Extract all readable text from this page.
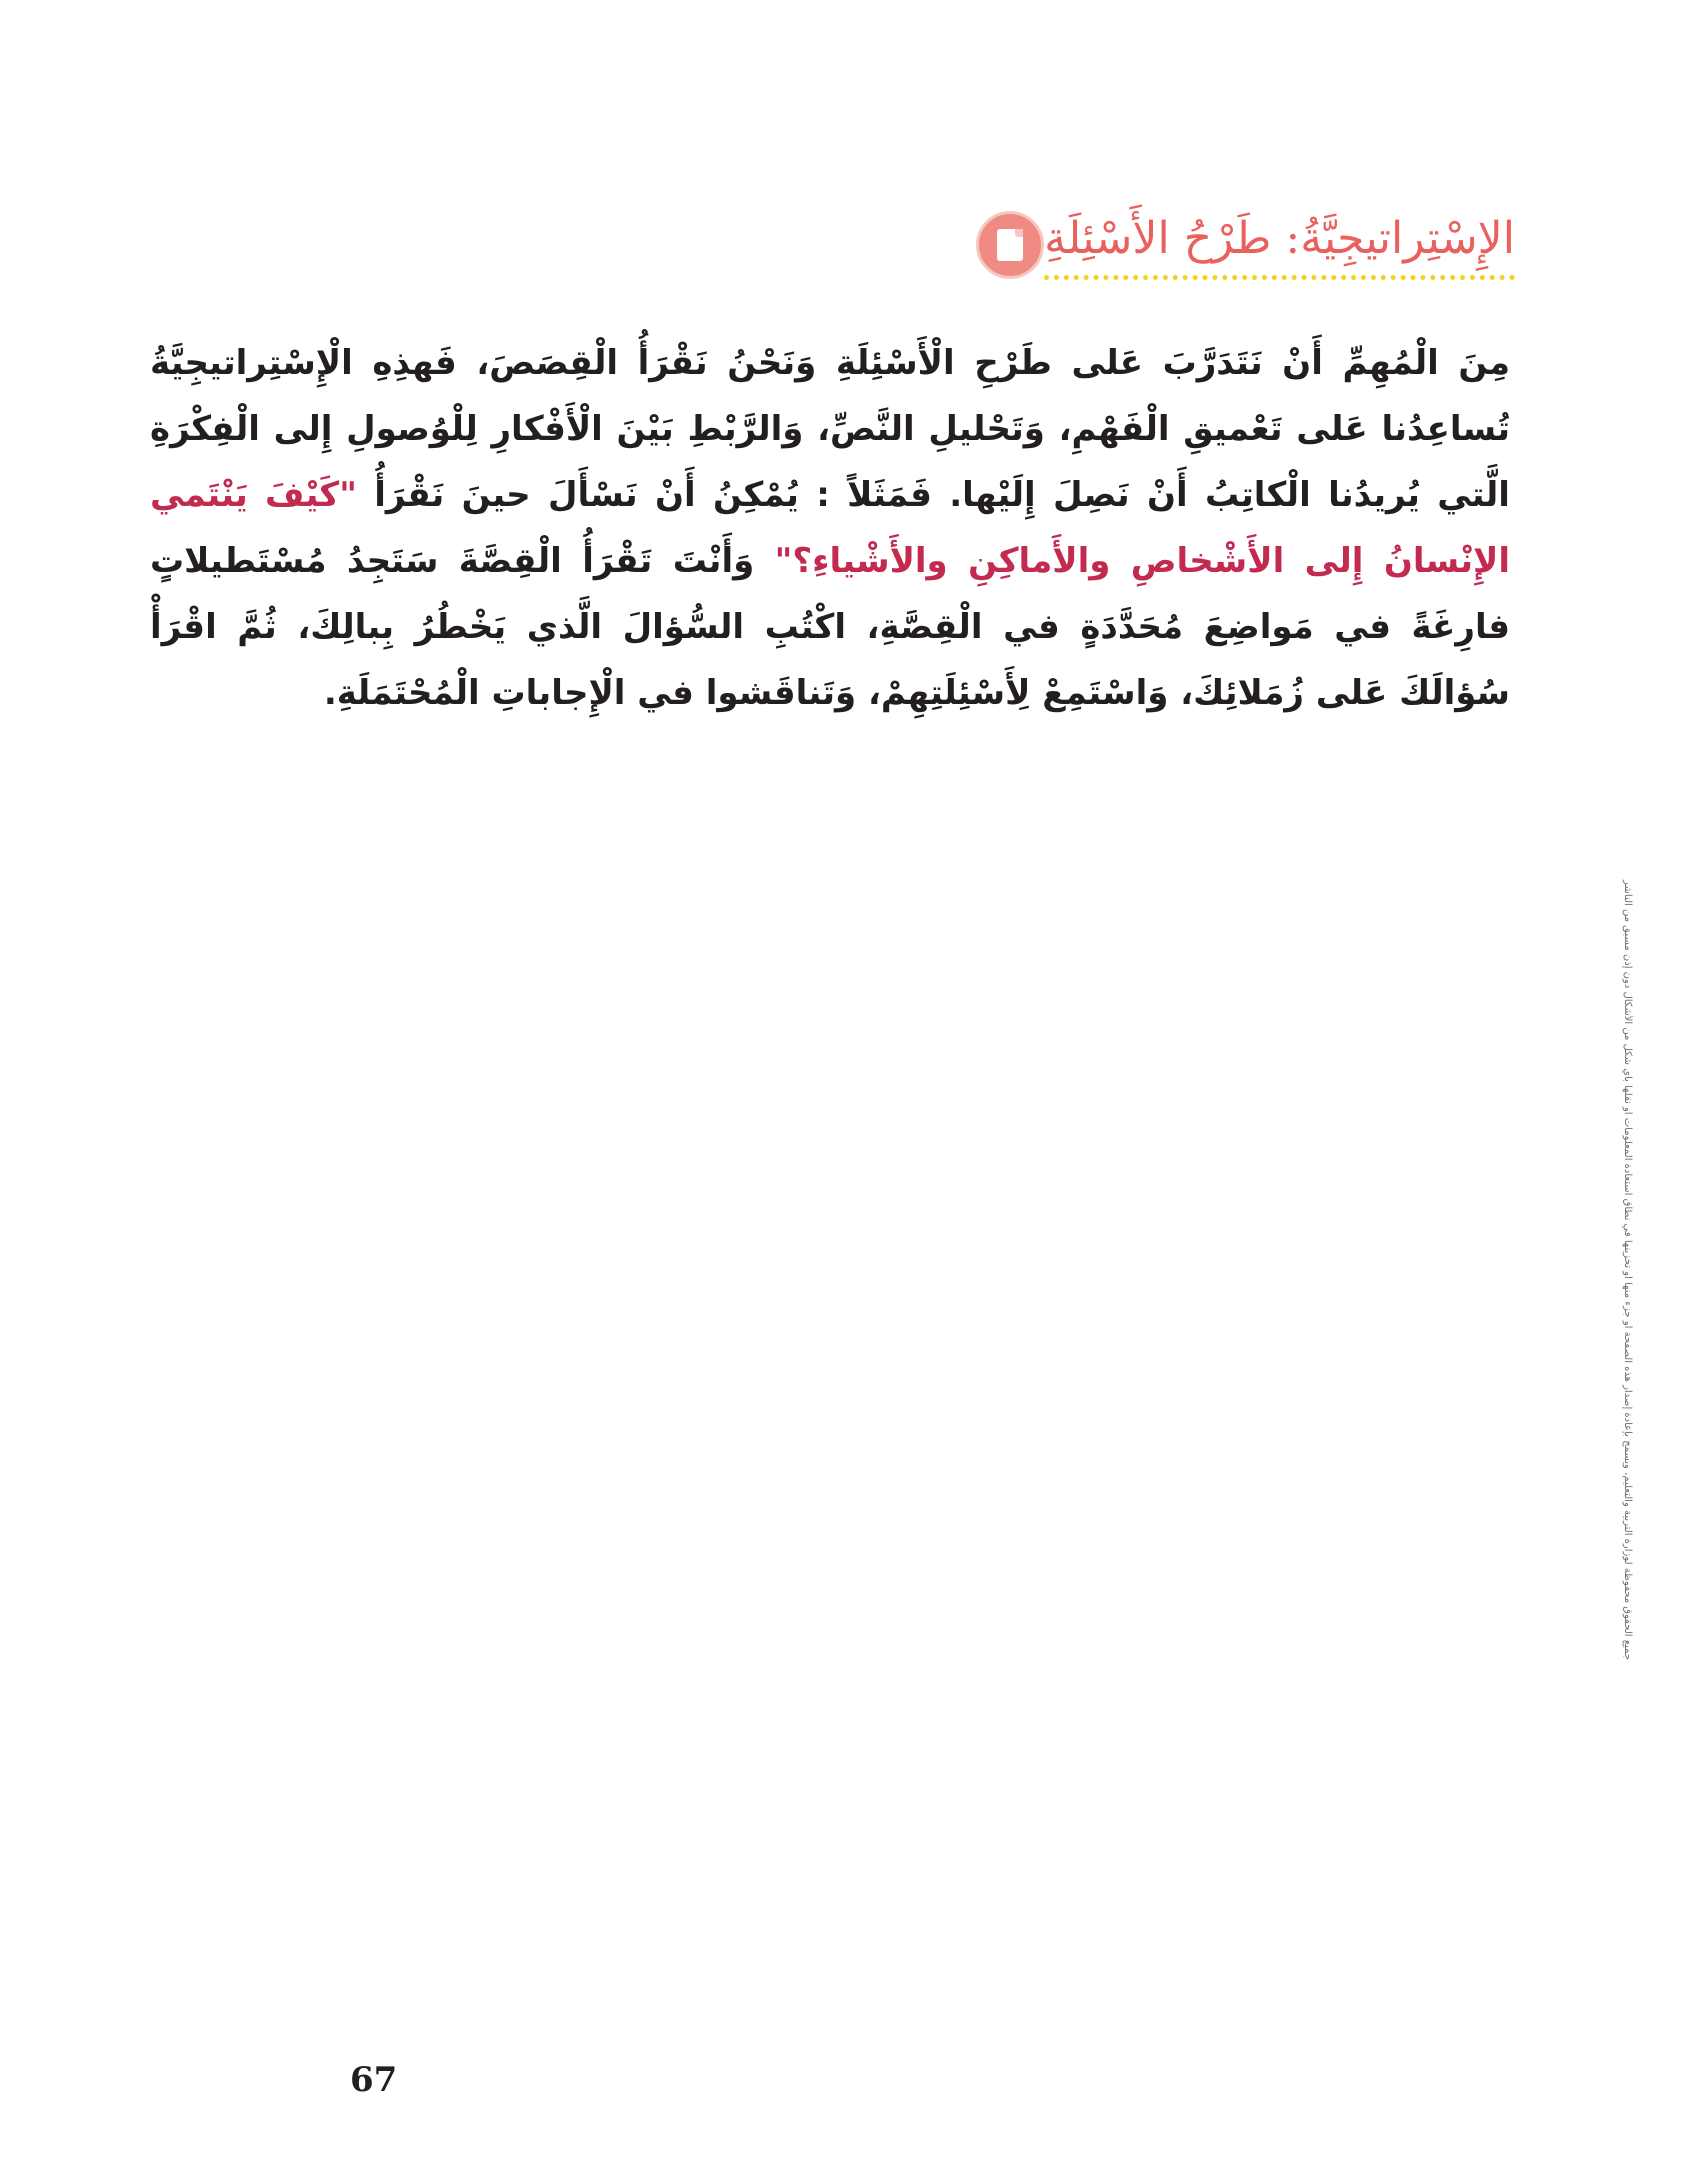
الإِسْتِراتيجِيَّةُ: طَرْحُ الأَسْئِلَةِ

مِنَ الْمُهِمِّ أَنْ نَتَدَرَّبَ عَلى طَرْحِ الْأَسْئِلَةِ وَنَحْنُ نَقْرَأُ الْقِصَصَ، فَهذِهِ الْإِسْتِراتيجِيَّةُ تُساعِدُنا عَلى تَعْميقِ الْفَهْمِ، وَتَحْليلِ النَّصِّ، وَالرَّبْطِ بَيْنَ الْأَفْكارِ لِلْوُصولِ إِلى الْفِكْرَةِ الَّتي يُريدُنا الْكاتِبُ أَنْ نَصِلَ إِلَيْها. فَمَثَلاً : يُمْكِنُ أَنْ نَسْأَلَ حينَ نَقْرَأُ "كَيْفَ يَنْتَمي الإِنْسانُ إِلى الأَشْخاصِ والأَماكِنِ والأَشْياءِ؟" وَأَنْتَ تَقْرَأُ الْقِصَّةَ سَتَجِدُ مُسْتَطيلاتٍ فارِغَةً في مَواضِعَ مُحَدَّدَةٍ في الْقِصَّةِ، اكْتُبِ السُّؤالَ الَّذي يَخْطُرُ بِبالِكَ، ثُمَّ اقْرَأْ سُؤالَكَ عَلى زُمَلائِكَ، وَاسْتَمِعْ لِأَسْئِلَتِهِمْ، وَتَناقَشوا في الْإِجاباتِ الْمُحْتَمَلَةِ.

جميع الحقوق محفوظة لوزارة التربية والتعليم، ويسمح بإعادة إصدار هذه الصفحة أو جزء منها أو تخزينها في نطاق استعادة المعلومات أو نقلها بأي شكل من الأشكال دون إذن مسبق من الناشر
67
